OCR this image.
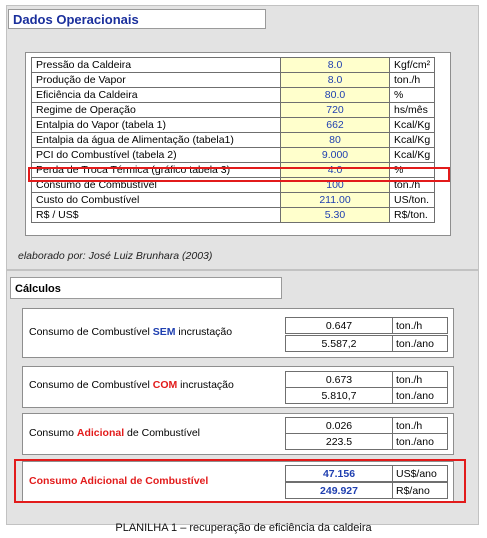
Dados Operacionais
Pressão da Caldeira	8.0	Kgf/cm²
Produção de Vapor	8.0	ton./h
Eficiência da Caldeira	80.0	%
Regime de Operação	720	hs/mês
Entalpia do Vapor (tabela 1)	662	Kcal/Kg
Entalpia da água de Alimentação (tabela1)	80	Kcal/Kg
PCI do Combustível (tabela 2)	9.000	Kcal/Kg
Perda de Troca Térmica (gráfico tabela 3)	4.0	%
Consumo de Combustível	100	ton./h
Custo do Combustível	211.00	US/ton.
R$ / US$	5.30	R$/ton.
elaborado por: José Luiz Brunhara (2003)
Cálculos
Consumo de Combustível SEM incrustação	0.647	ton./h
5.587,2	ton./ano
Consumo de Combustível COM incrustação	0.673	ton./h
5.810,7	ton./ano
Consumo Adicional de Combustível
0.026	ton./h
223.5	ton./ano
Consumo Adicional de Combustível
47.156	US$/ano
249.927	R$/ano
PLANILHA 1 – recuperação de eficiência da caldeira
